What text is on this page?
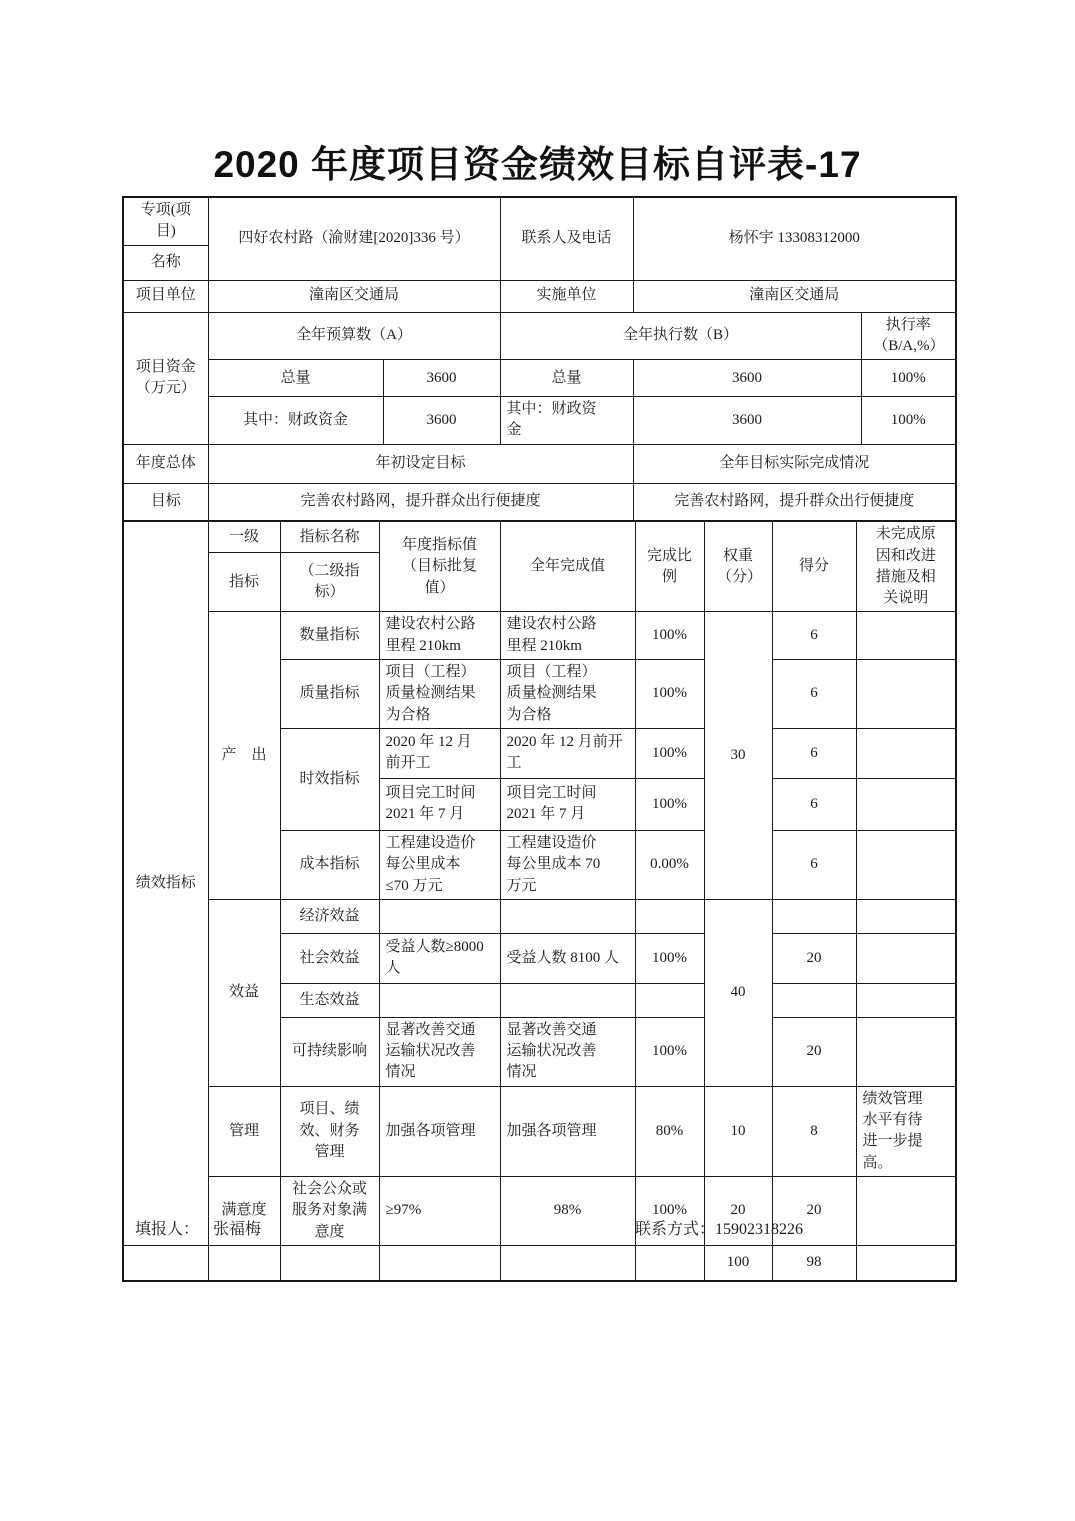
2020 年度项目资金绩效目标自评表-17
专项(项目)	四好农村路（渝财建[2020]336 号）		联系人及电话	杨怀宇 13308312000	
名称					
项目单位	潼南区交通局		实施单位	潼南区交通局	
项目资金（万元）	全年预算数（A）		全年执行数（B）		执行率（B/A,%）
	总量	3600	总量	3600	100%
	其中：财政资金	3600	其中：财政资金	3600	100%
年度总体	年初设定目标			全年目标实际完成情况	
目标	完善农村路网，提升群众出行便捷度			完善农村路网，提升群众出行便捷度	
绩效指标	一级	指标名称	年度指标值（目标批复值）	全年完成值	完成比例	权重（分）	得分	未完成原因和改进措施及相关说明
	指标	（二级指标）						
	产　出	数量指标	建设农村公路里程 210km	建设农村公路里程 210km	100%	30	6	
		质量指标	项目（工程）质量检测结果为合格	项目（工程）质量检测结果为合格	100%		6	
		时效指标	2020 年 12 月前开工	2020 年 12 月前开工	100%		6	
			项目完工时间 2021 年 7 月	项目完工时间 2021 年 7 月	100%		6	
		成本指标	工程建设造价每公里成本≤70 万元	工程建设造价每公里成本 70 万元	0.00%		6	
	效益	经济效益				40		
		社会效益	受益人数≥8000 人	受益人数 8100 人	100%		20	
		生态效益						
		可持续影响	显著改善交通运输状况改善情况	显著改善交通运输状况改善情况	100%		20	
	管理	项目、绩效、财务管理	加强各项管理	加强各项管理	80%	10	8	绩效管理水平有待进一步提高。
	满意度	社会公众或服务对象满意度	≥97%	98%	100%	20	20	
						100	98	
填报人： 张福梅	联系方式：15902318226
